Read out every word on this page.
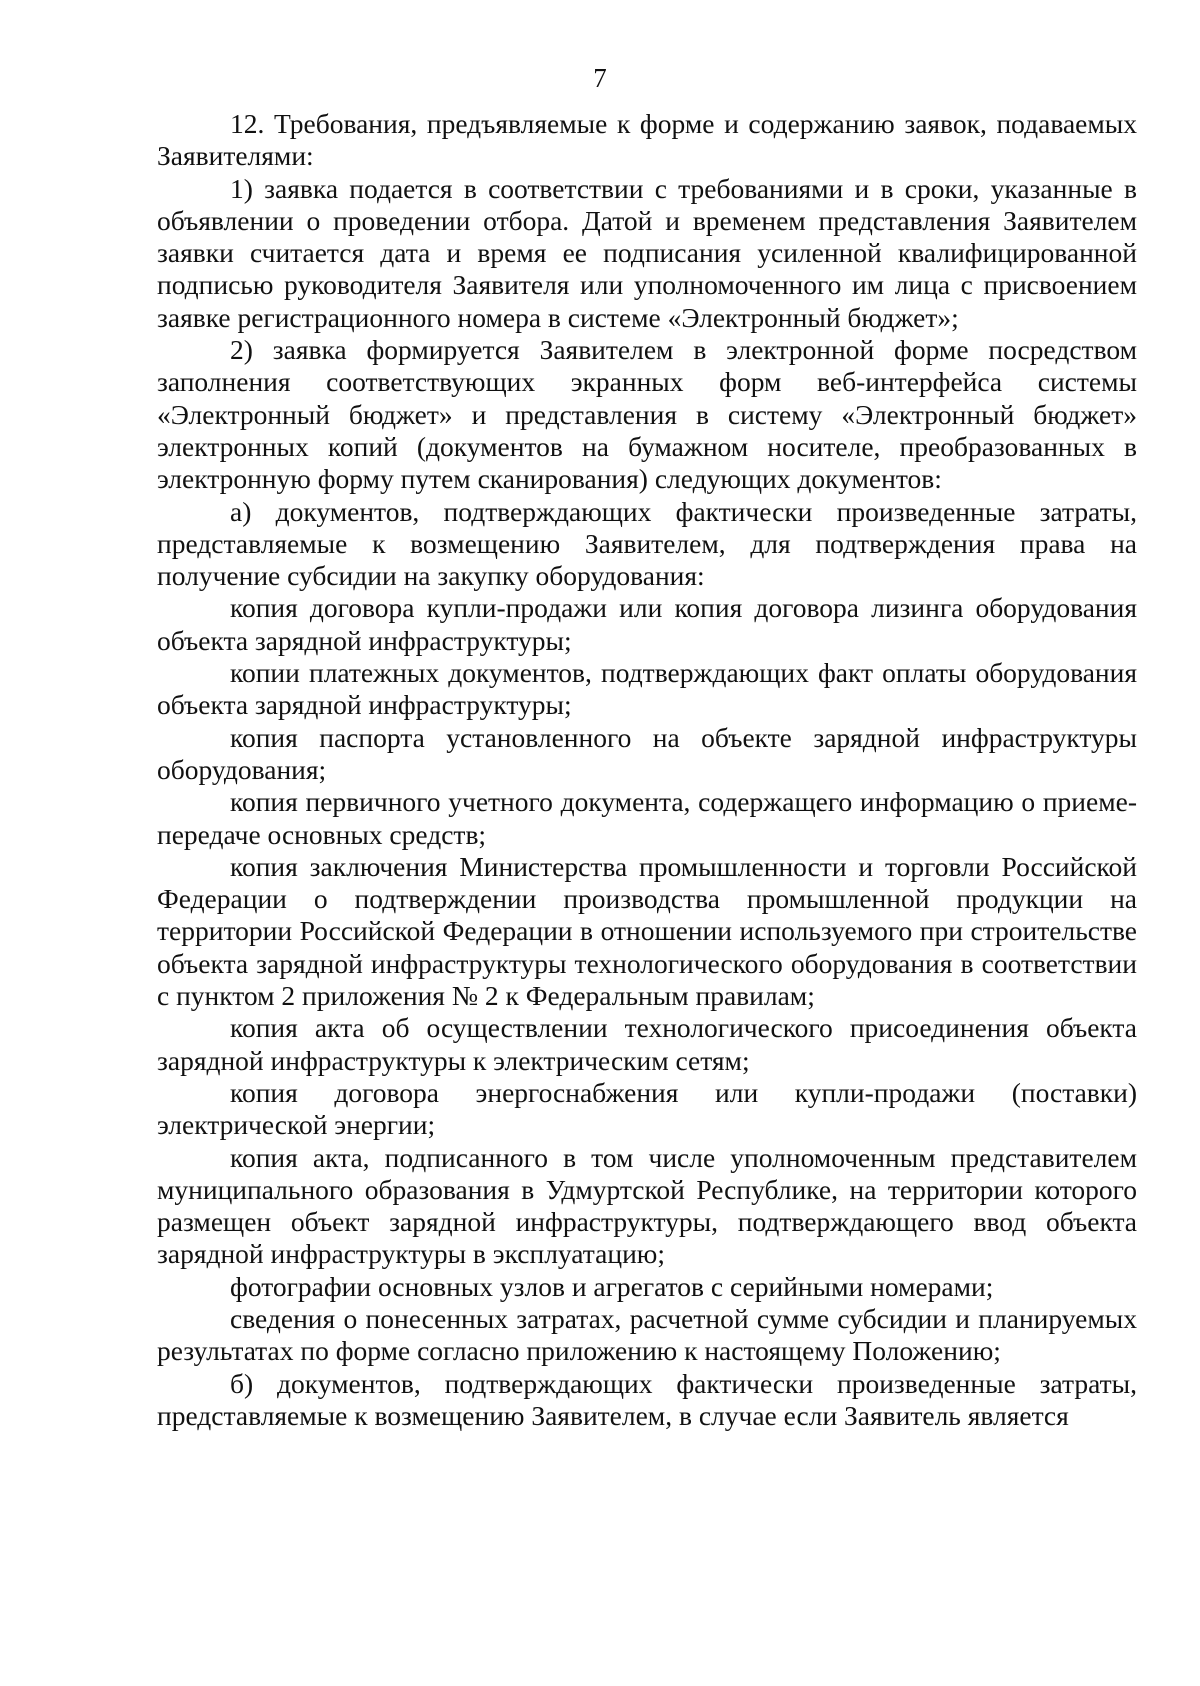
7

12. Требования, предъявляемые к форме и содержанию заявок, подаваемых Заявителями:

1) заявка подается в соответствии с требованиями и в сроки, указанные в объявлении о проведении отбора. Датой и временем представления Заявителем заявки считается дата и время ее подписания усиленной квалифицированной подписью руководителя Заявителя или уполномоченного им лица с присвоением заявке регистрационного номера в системе «Электронный бюджет»;

2) заявка формируется Заявителем в электронной форме посредством заполнения соответствующих экранных форм веб-интерфейса системы «Электронный бюджет» и представления в систему «Электронный бюджет» электронных копий (документов на бумажном носителе, преобразованных в электронную форму путем сканирования) следующих документов:

а) документов, подтверждающих фактически произведенные затраты, представляемые к возмещению Заявителем, для подтверждения права на получение субсидии на закупку оборудования:

копия договора купли-продажи или копия договора лизинга оборудования объекта зарядной инфраструктуры;

копии платежных документов, подтверждающих факт оплаты оборудования объекта зарядной инфраструктуры;

копия паспорта установленного на объекте зарядной инфраструктуры оборудования;

копия первичного учетного документа, содержащего информацию о приеме-передаче основных средств;

копия заключения Министерства промышленности и торговли Российской Федерации о подтверждении производства промышленной продукции на территории Российской Федерации в отношении используемого при строительстве объекта зарядной инфраструктуры технологического оборудования в соответствии с пунктом 2 приложения № 2 к Федеральным правилам;

копия акта об осуществлении технологического присоединения объекта зарядной инфраструктуры к электрическим сетям;

копия договора энергоснабжения или купли-продажи (поставки) электрической энергии;

копия акта, подписанного в том числе уполномоченным представителем муниципального образования в Удмуртской Республике, на территории которого размещен объект зарядной инфраструктуры, подтверждающего ввод объекта зарядной инфраструктуры в эксплуатацию;

фотографии основных узлов и агрегатов с серийными номерами;

сведения о понесенных затратах, расчетной сумме субсидии и планируемых результатах по форме согласно приложению к настоящему Положению;

б) документов, подтверждающих фактически произведенные затраты, представляемые к возмещению Заявителем, в случае если Заявитель является
